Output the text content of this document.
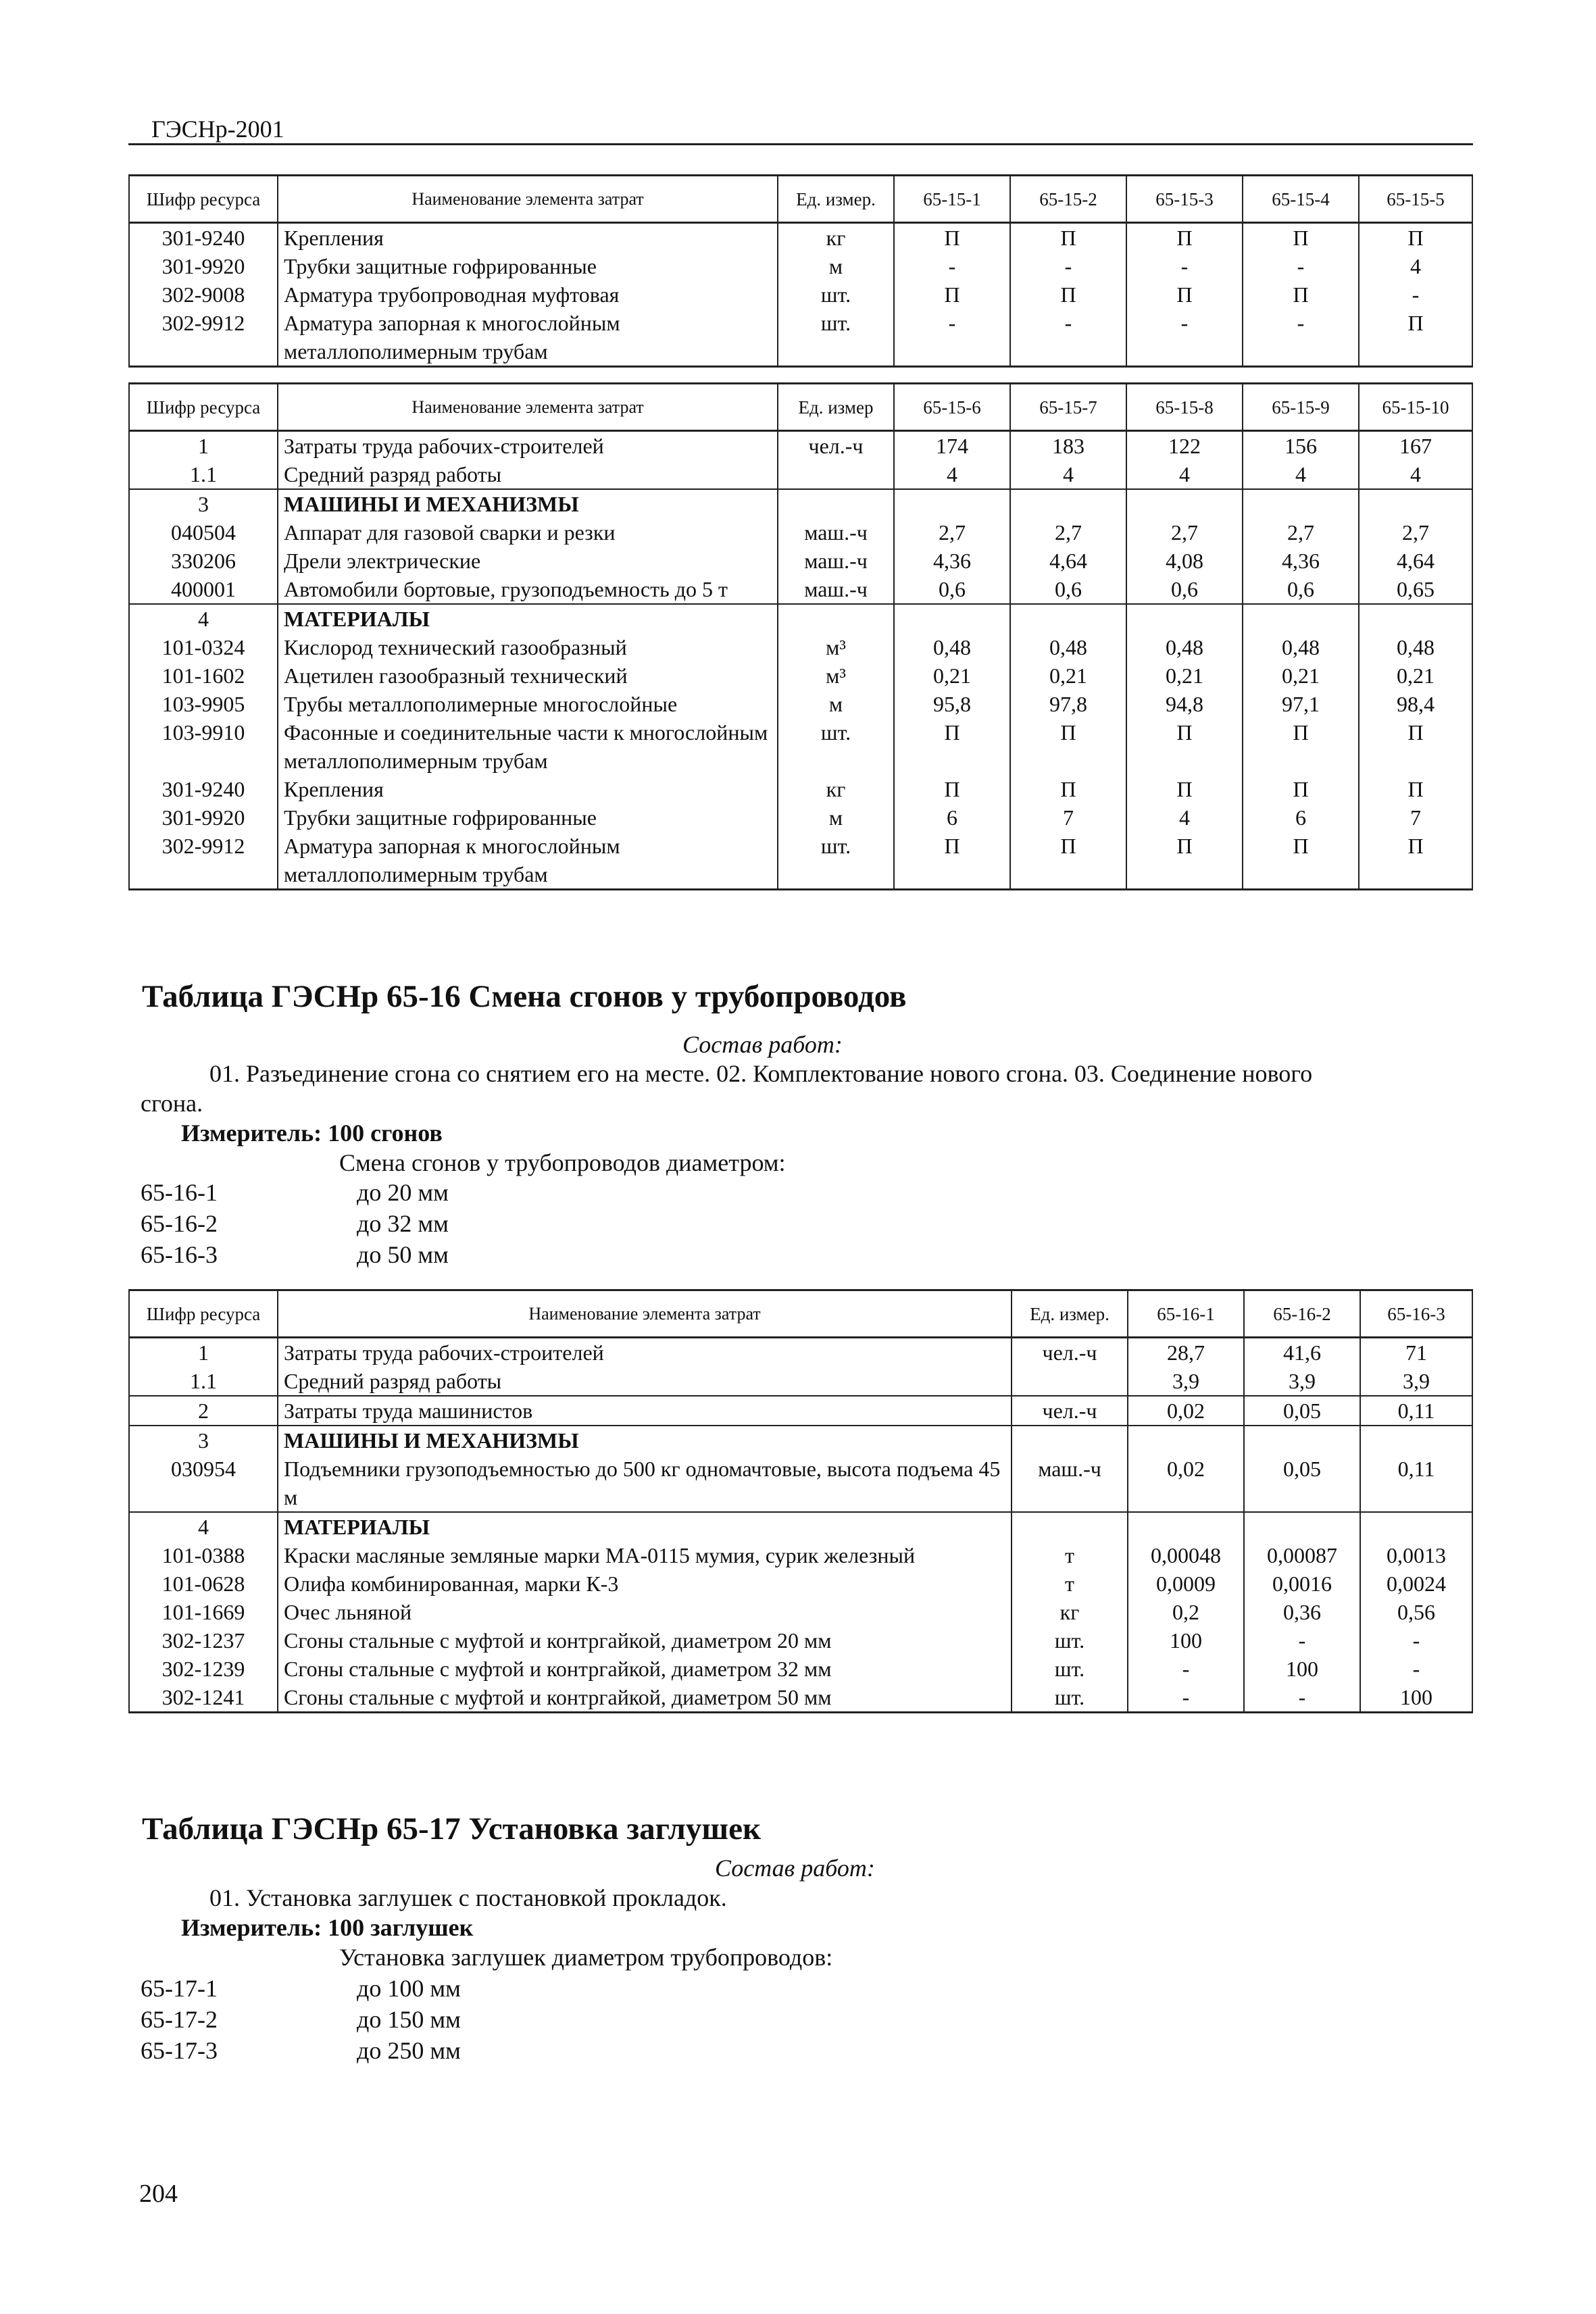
ГЭСНр-2001
Шифр ресурса	Наименование элемента затрат	Ед. измер.	65-15-1	65-15-2	65-15-3	65-15-4	65-15-5
301-9240	Крепления	кг	П	П	П	П	П
301-9920	Трубки защитные гофрированные	м	-	-	-	-	4
302-9008	Арматура трубопроводная муфтовая	шт.	П	П	П	П	-
302-9912	Арматура запорная к многослойным металлополимерным трубам	шт.	-	-	-	-	П
Шифр ресурса	Наименование элемента затрат	Ед. измер	65-15-6	65-15-7	65-15-8	65-15-9	65-15-10
1	Затраты труда рабочих-строителей	чел.-ч	174	183	122	156	167
1.1	Средний разряд работы		4	4	4	4	4
3	МАШИНЫ И МЕХАНИЗМЫ						
040504	Аппарат для газовой сварки и резки	маш.-ч	2,7	2,7	2,7	2,7	2,7
330206	Дрели электрические	маш.-ч	4,36	4,64	4,08	4,36	4,64
400001	Автомобили бортовые, грузоподъемность до 5 т	маш.-ч	0,6	0,6	0,6	0,6	0,65
4	МАТЕРИАЛЫ						
101-0324	Кислород технический газообразный	м³	0,48	0,48	0,48	0,48	0,48
101-1602	Ацетилен газообразный технический	м³	0,21	0,21	0,21	0,21	0,21
103-9905	Трубы металлополимерные многослойные	м	95,8	97,8	94,8	97,1	98,4
103-9910	Фасонные и соединительные части к многослойным металлополимерным трубам	шт.	П	П	П	П	П
301-9240	Крепления	кг	П	П	П	П	П
301-9920	Трубки защитные гофрированные	м	6	7	4	6	7
302-9912	Арматура запорная к многослойным металлополимерным трубам	шт.	П	П	П	П	П
Таблица ГЭСНр 65-16 Смена сгонов у трубопроводов
Состав работ:
01. Разъединение сгона со снятием его на месте. 02. Комплектование нового сгона. 03. Соединение нового
сгона.
Измеритель: 100 сгонов
Смена сгонов у трубопроводов диаметром:
65-16-1	до 20 мм
65-16-2	до 32 мм
65-16-3	до 50 мм
Шифр ресурса	Наименование элемента затрат	Ед. измер.	65-16-1	65-16-2	65-16-3
1	Затраты труда рабочих-строителей	чел.-ч	28,7	41,6	71
1.1	Средний разряд работы		3,9	3,9	3,9
2	Затраты труда машинистов	чел.-ч	0,02	0,05	0,11
3	МАШИНЫ И МЕХАНИЗМЫ				
030954	Подъемники грузоподъемностью до 500 кг одномачтовые, высота подъема 45 м	маш.-ч	0,02	0,05	0,11
4	МАТЕРИАЛЫ				
101-0388	Краски масляные земляные марки МА-0115 мумия, сурик железный	т	0,00048	0,00087	0,0013
101-0628	Олифа комбинированная, марки К-3	т	0,0009	0,0016	0,0024
101-1669	Очес льняной	кг	0,2	0,36	0,56
302-1237	Сгоны стальные с муфтой и контргайкой, диаметром 20 мм	шт.	100	-	-
302-1239	Сгоны стальные с муфтой и контргайкой, диаметром 32 мм	шт.	-	100	-
302-1241	Сгоны стальные с муфтой и контргайкой, диаметром 50 мм	шт.	-	-	100
Таблица ГЭСНр 65-17 Установка заглушек
Состав работ:
01. Установка заглушек с постановкой прокладок.
Измеритель: 100 заглушек
Установка заглушек диаметром трубопроводов:
65-17-1	до 100 мм
65-17-2	до 150 мм
65-17-3	до 250 мм
204
